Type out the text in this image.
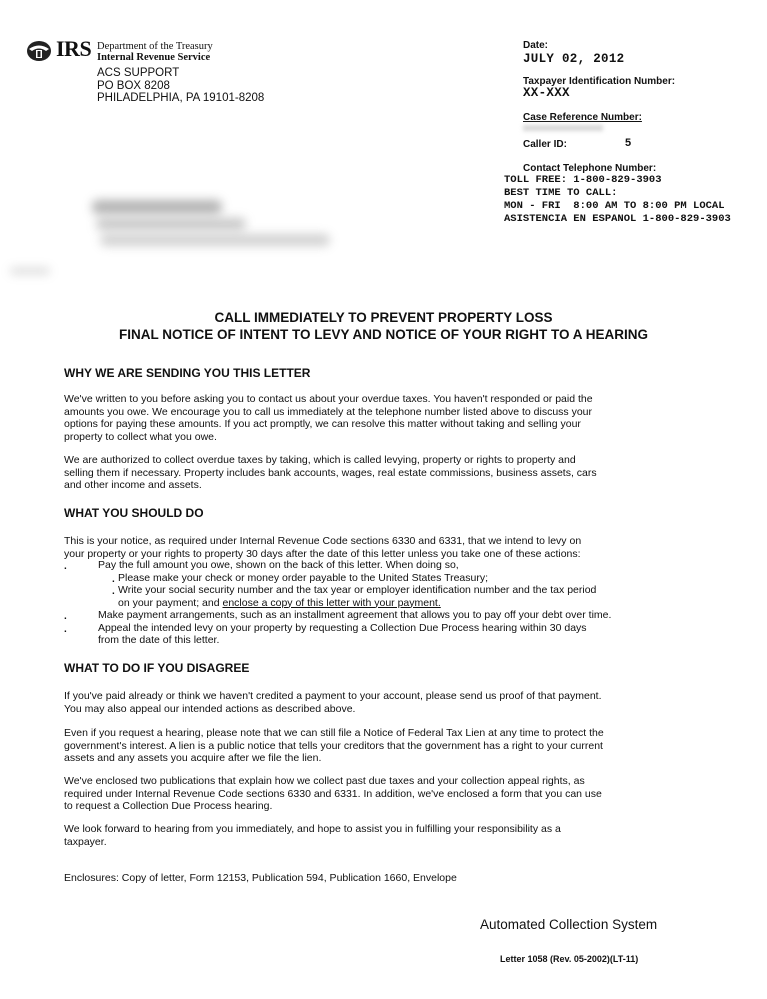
IRS Department of the Treasury
Internal Revenue Service
ACS SUPPORT
PO BOX 8208
PHILADELPHIA, PA 19101-8208
Date:
JULY 02, 2012
Taxpayer Identification Number:
XX-XXX
Case Reference Number:
Caller ID:	5
Contact Telephone Number:
TOLL FREE: 1-800-829-3903
BEST TIME TO CALL:
MON - FRI  8:00 AM TO 8:00 PM LOCAL
ASISTENCIA EN ESPANOL 1-800-829-3903
CALL IMMEDIATELY TO PREVENT PROPERTY LOSS
FINAL NOTICE OF INTENT TO LEVY AND NOTICE OF YOUR RIGHT TO A HEARING
WHY WE ARE SENDING YOU THIS LETTER
We've written to you before asking you to contact us about your overdue taxes. You haven't responded or paid the
amounts you owe. We encourage you to call us immediately at the telephone number listed above to discuss your
options for paying these amounts. If you act promptly, we can resolve this matter without taking and selling your
property to collect what you owe.
We are authorized to collect overdue taxes by taking, which is called levying, property or rights to property and
selling them if necessary. Property includes bank accounts, wages, real estate commissions, business assets, cars
and other income and assets.
WHAT YOU SHOULD DO
This is your notice, as required under Internal Revenue Code sections 6330 and 6331, that we intend to levy on
your property or your rights to property 30 days after the date of this letter unless you take one of these actions:
.	Pay the full amount you owe, shown on the back of this letter. When doing so,
. Please make your check or money order payable to the United States Treasury;
. Write your social security number and the tax year or employer identification number and the tax period
on your payment; and enclose a copy of this letter with your payment.
.	Make payment arrangements, such as an installment agreement that allows you to pay off your debt over time.
.	Appeal the intended levy on your property by requesting a Collection Due Process hearing within 30 days
from the date of this letter.
WHAT TO DO IF YOU DISAGREE
If you've paid already or think we haven't credited a payment to your account, please send us proof of that payment.
You may also appeal our intended actions as described above.
Even if you request a hearing, please note that we can still file a Notice of Federal Tax Lien at any time to protect the
government's interest. A lien is a public notice that tells your creditors that the government has a right to your current
assets and any assets you acquire after we file the lien.
We've enclosed two publications that explain how we collect past due taxes and your collection appeal rights, as
required under Internal Revenue Code sections 6330 and 6331. In addition, we've enclosed a form that you can use
to request a Collection Due Process hearing.
We look forward to hearing from you immediately, and hope to assist you in fulfilling your responsibility as a
taxpayer.
Enclosures: Copy of letter, Form 12153, Publication 594, Publication 1660, Envelope
Automated Collection System
Letter 1058 (Rev. 05-2002)(LT-11)
